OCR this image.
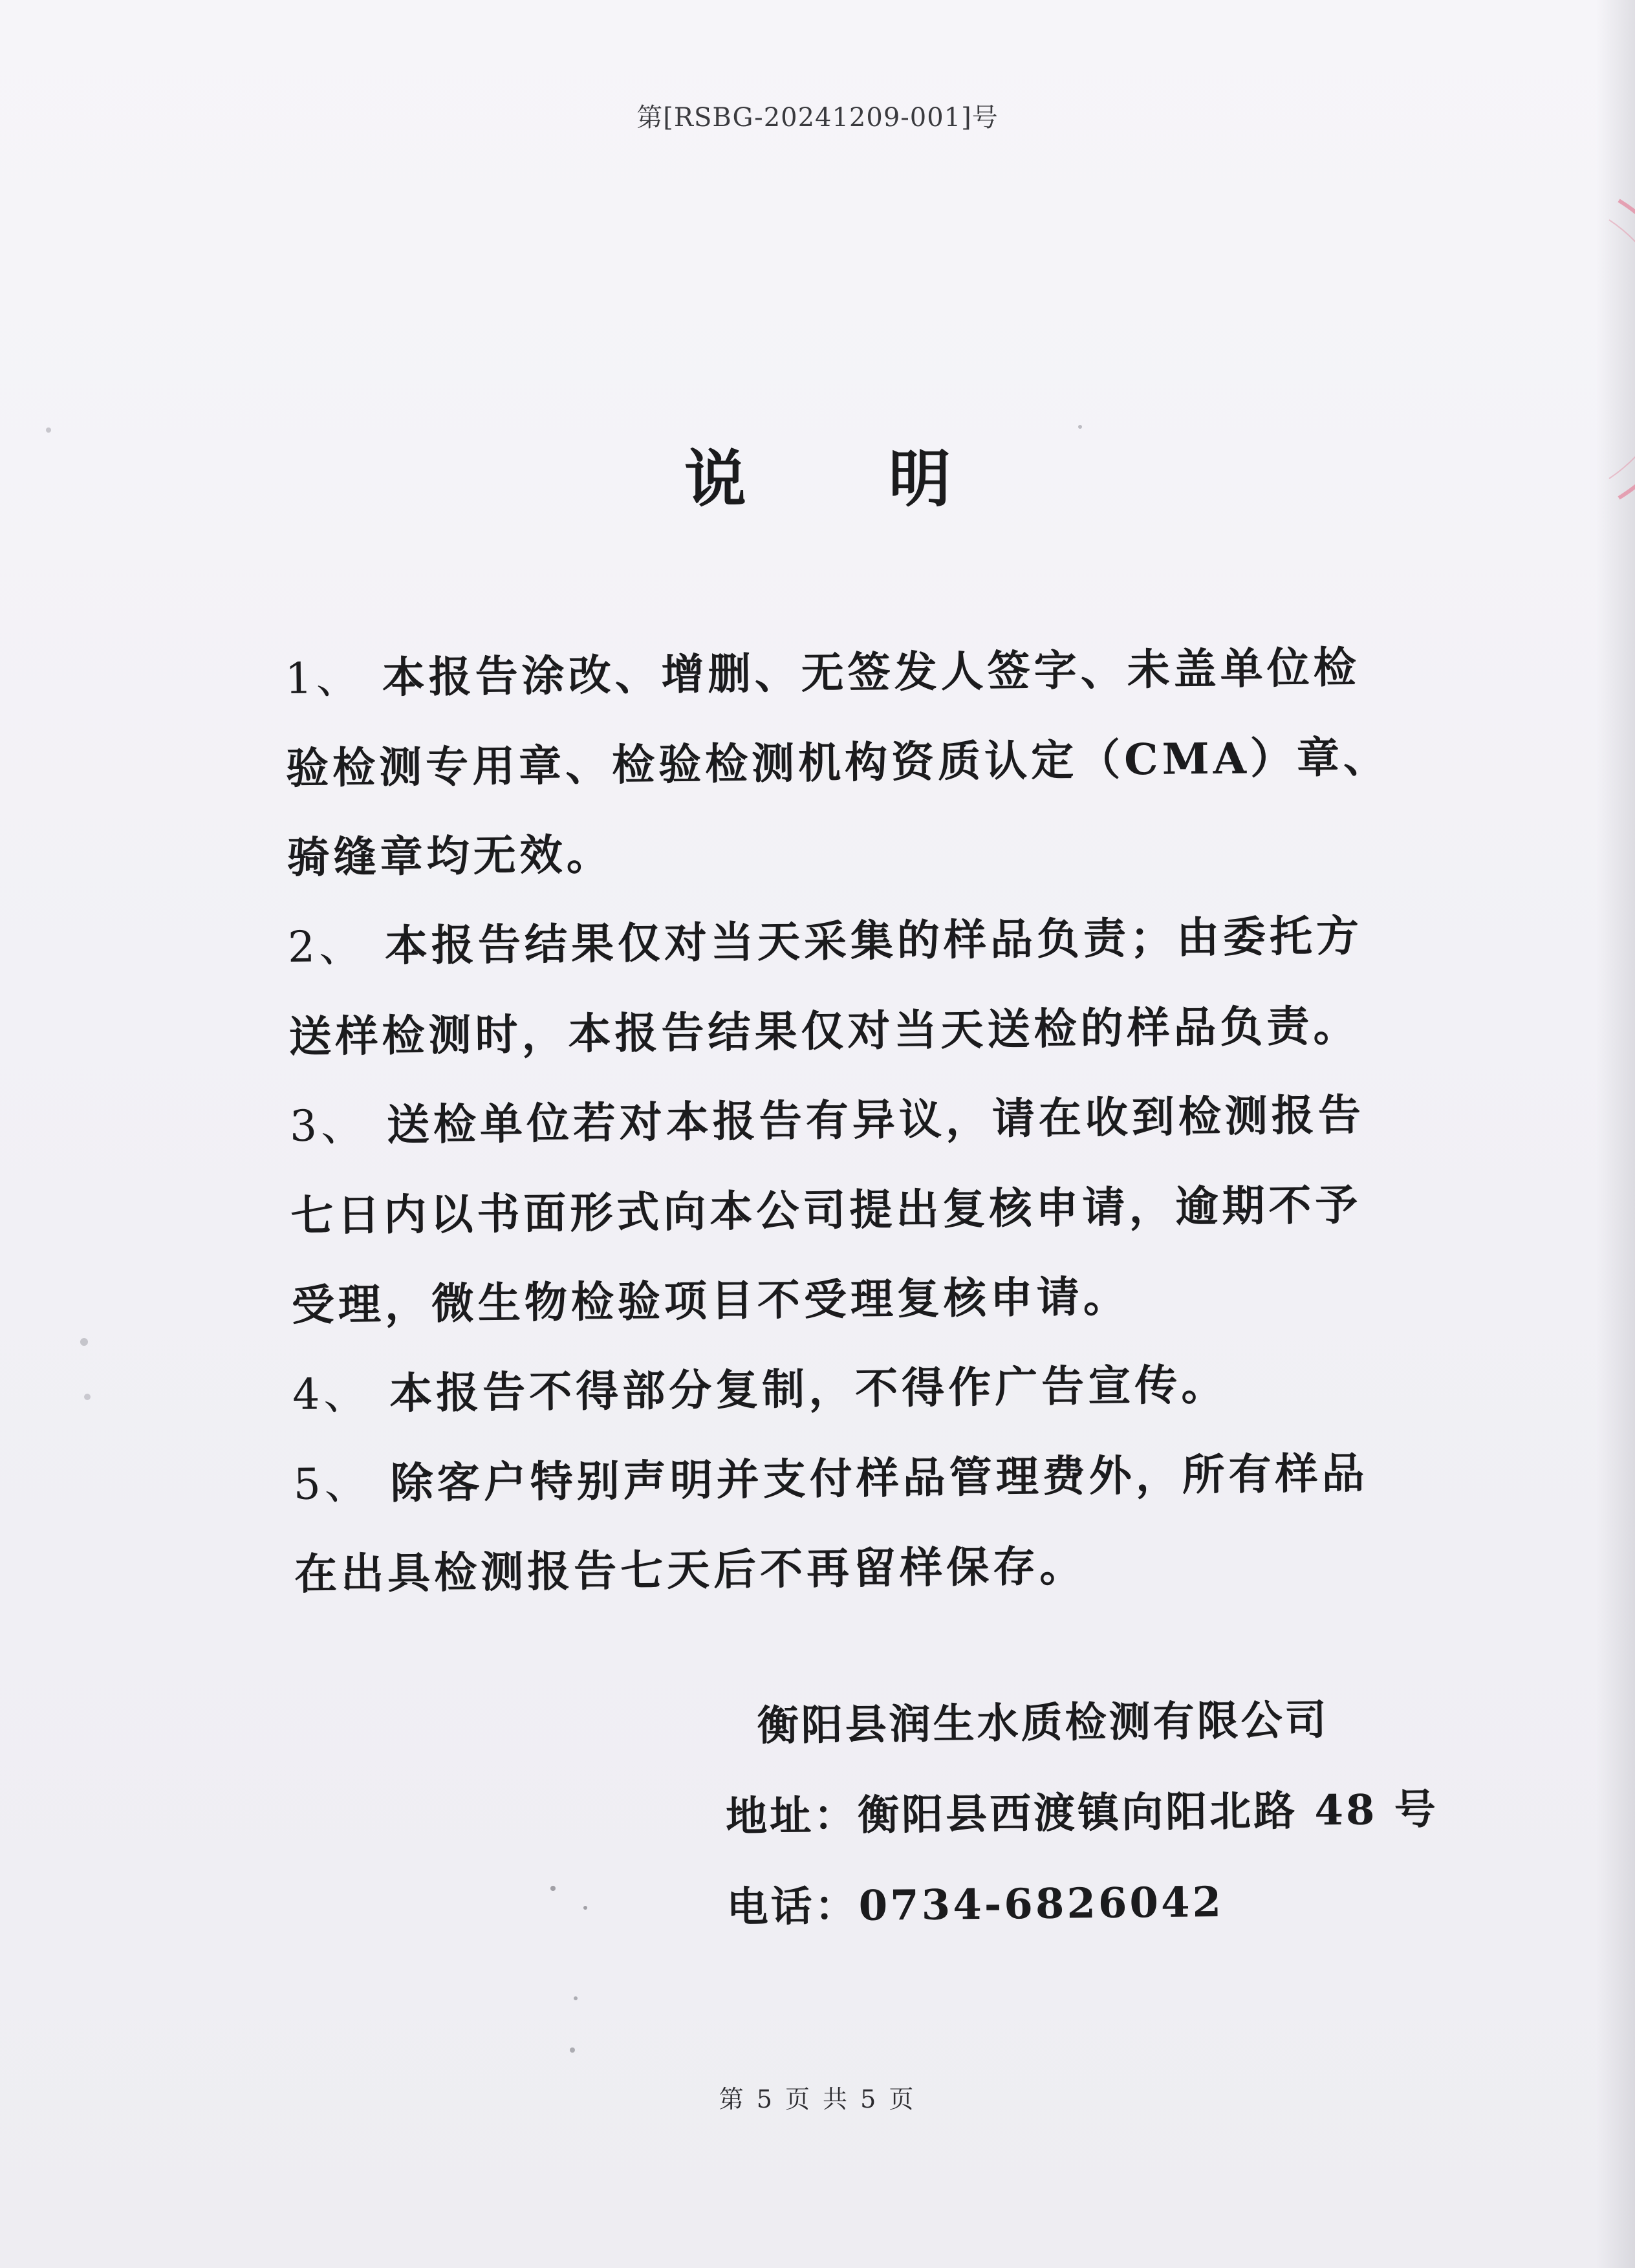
第[RSBG-20241209-001]号
说明

1、 本报告涂改、增删、无签发人签字、未盖单位检验检测专用章、检验检测机构资质认定（CMA）章、骑缝章均无效。

2、 本报告结果仅对当天采集的样品负责；由委托方送样检测时，本报告结果仅对当天送检的样品负责。

3、 送检单位若对本报告有异议，请在收到检测报告七日内以书面形式向本公司提出复核申请，逾期不予受理，微生物检验项目不受理复核申请。

4、 本报告不得部分复制，不得作广告宣传。

5、 除客户特别声明并支付样品管理费外，所有样品在出具检测报告七天后不再留样保存。

衡阳县润生水质检测有限公司
地址：衡阳县西渡镇向阳北路 48 号
电话：0734-6826042
第 5 页 共 5 页
